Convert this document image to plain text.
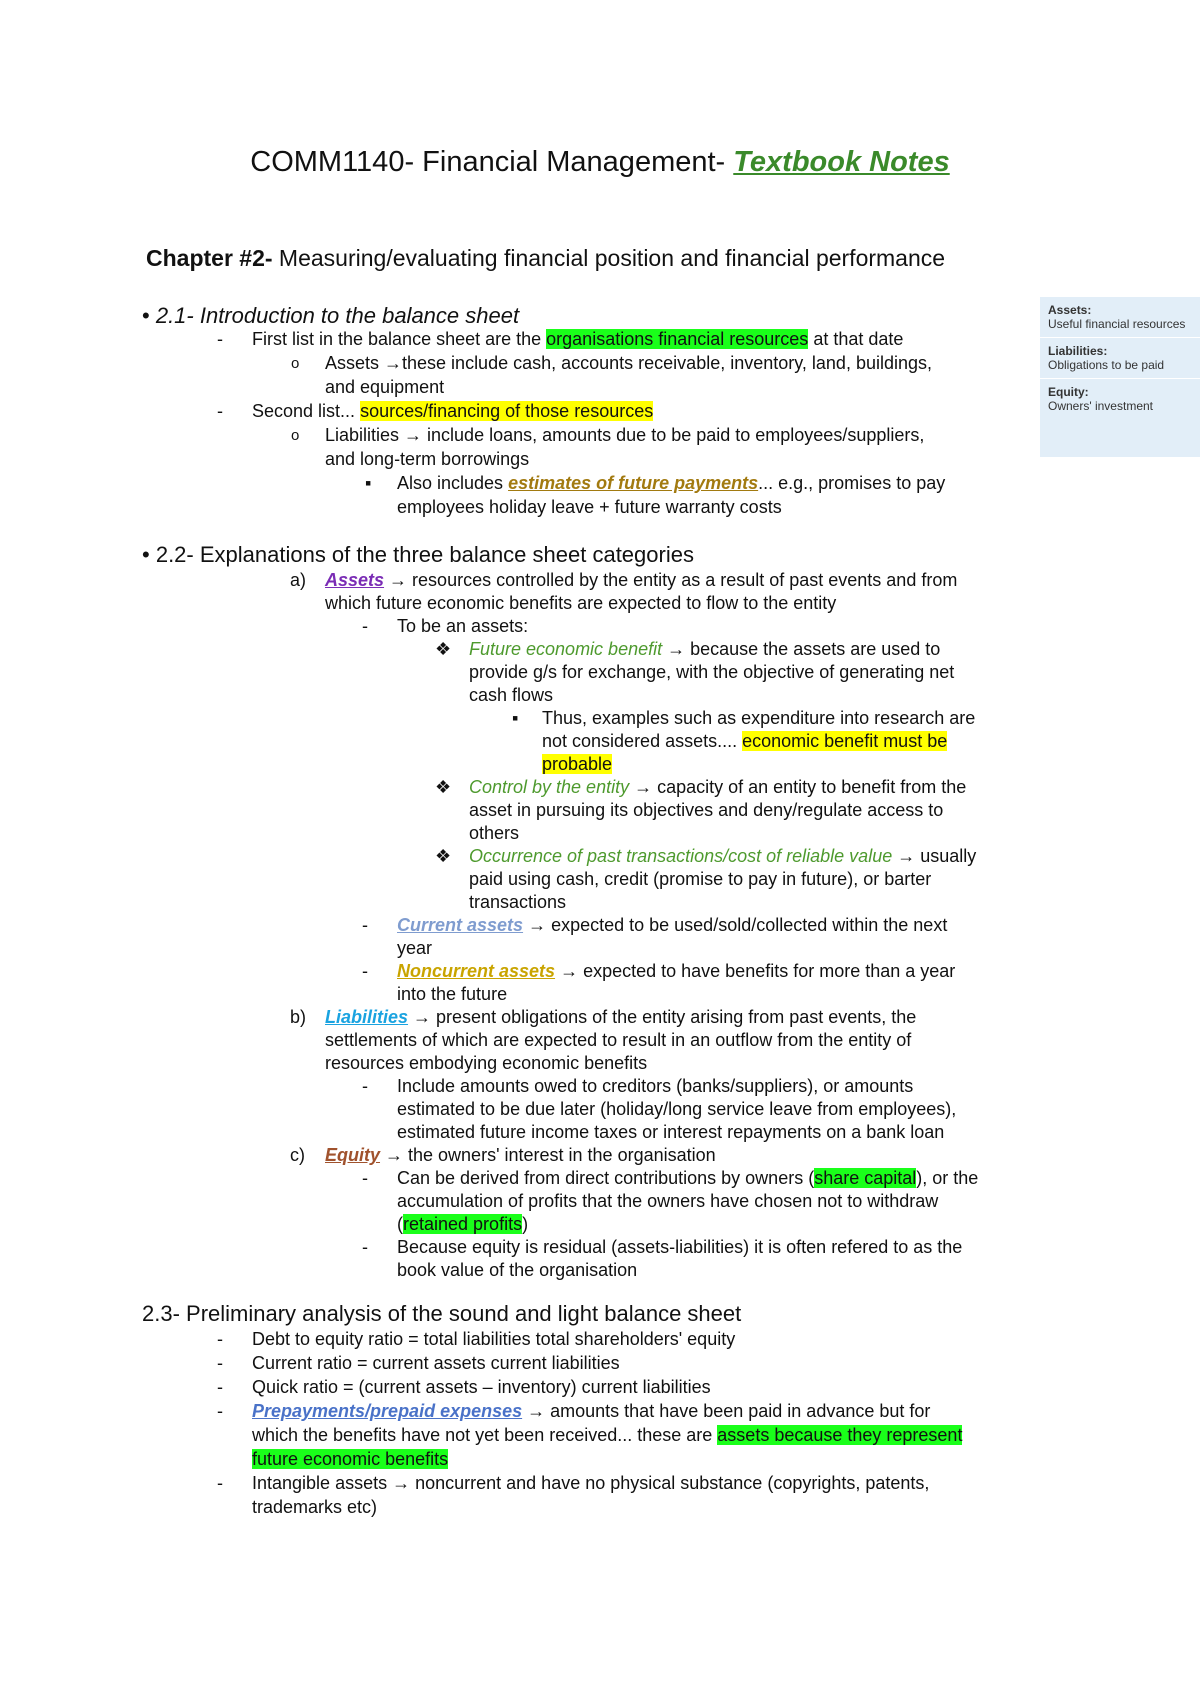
COMM1140- Financial Management- Textbook Notes
Chapter #2- Measuring/evaluating financial position and financial performance
Assets:
Useful financial resources
Liabilities:
Obligations to be paid
Equity:
Owners' investment
• 2.1- Introduction to the balance sheet
- First list in the balance sheet are the organisations financial resources at that date
o Assets →these include cash, accounts receivable, inventory, land, buildings,
and equipment
- Second list... sources/financing of those resources
o Liabilities → include loans, amounts due to be paid to employees/suppliers,
and long-term borrowings
▪ Also includes estimates of future payments... e.g., promises to pay
employees holiday leave + future warranty costs
• 2.2- Explanations of the three balance sheet categories
a) Assets → resources controlled by the entity as a result of past events and from
which future economic benefits are expected to flow to the entity
- To be an assets:
❖ Future economic benefit → because the assets are used to
provide g/s for exchange, with the objective of generating net
cash flows
▪ Thus, examples such as expenditure into research are
not considered assets.... economic benefit must be
probable
❖ Control by the entity → capacity of an entity to benefit from the
asset in pursuing its objectives and deny/regulate access to
others
❖ Occurrence of past transactions/cost of reliable value → usually
paid using cash, credit (promise to pay in future), or barter
transactions
- Current assets → expected to be used/sold/collected within the next
year
- Noncurrent assets → expected to have benefits for more than a year
into the future
b) Liabilities → present obligations of the entity arising from past events, the
settlements of which are expected to result in an outflow from the entity of
resources embodying economic benefits
- Include amounts owed to creditors (banks/suppliers), or amounts
estimated to be due later (holiday/long service leave from employees),
estimated future income taxes or interest repayments on a bank loan
c) Equity → the owners' interest in the organisation
- Can be derived from direct contributions by owners (share capital), or the
accumulation of profits that the owners have chosen not to withdraw
(retained profits)
- Because equity is residual (assets-liabilities) it is often refered to as the
book value of the organisation
2.3- Preliminary analysis of the sound and light balance sheet
- Debt to equity ratio = total liabilities total shareholders' equity
- Current ratio = current assets current liabilities
- Quick ratio = (current assets – inventory) current liabilities
- Prepayments/prepaid expenses → amounts that have been paid in advance but for
which the benefits have not yet been received... these are assets because they represent
future economic benefits
- Intangible assets → noncurrent and have no physical substance (copyrights, patents,
trademarks etc)
